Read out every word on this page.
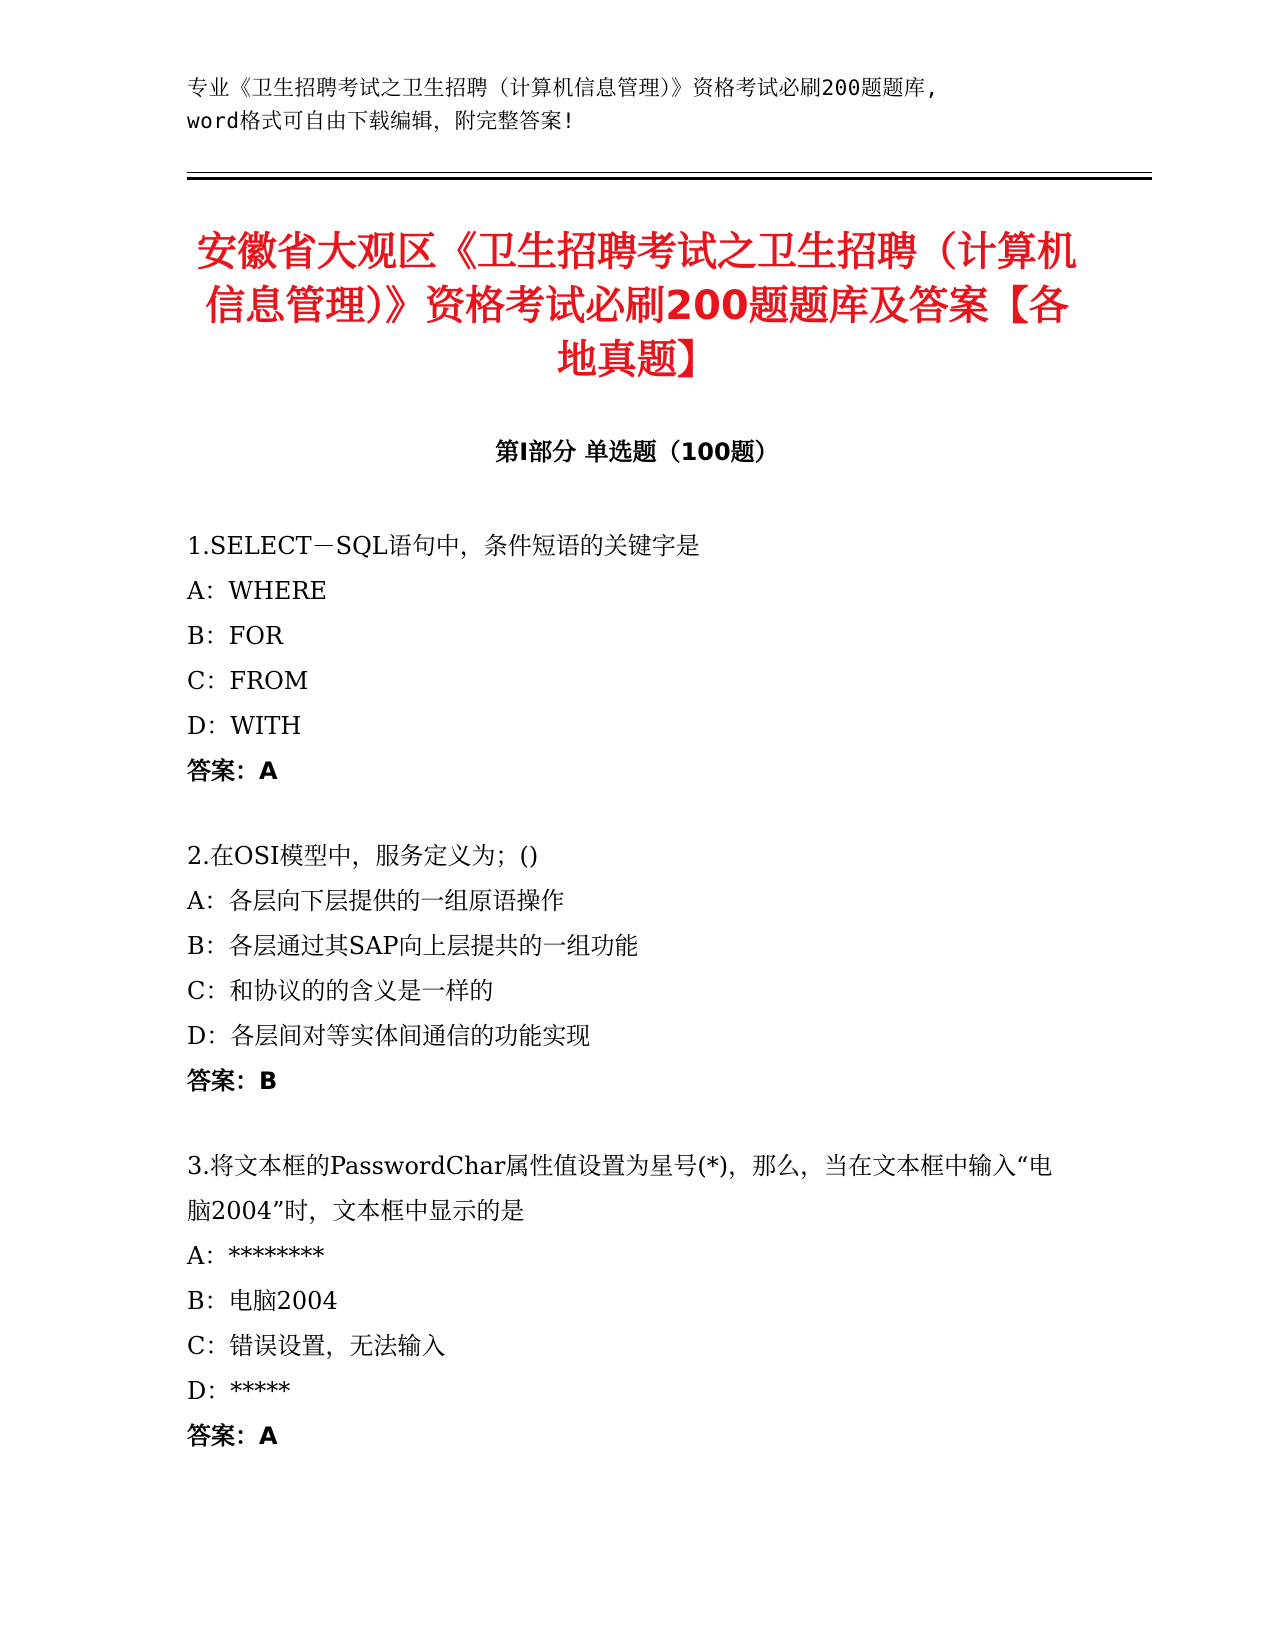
专业《卫生招聘考试之卫生招聘（计算机信息管理）》资格考试必刷200题题库,
word格式可自由下载编辑，附完整答案!
安徽省大观区《卫生招聘考试之卫生招聘（计算机信息管理）》资格考试必刷200题题库及答案【各地真题】
第I部分 单选题（100题）

1.SELECT－SQL语句中，条件短语的关键字是

A：WHERE

B：FOR

C：FROM

D：WITH

答案：A

2.在OSI模型中，服务定义为；()

A：各层向下层提供的一组原语操作

B：各层通过其SAP向上层提共的一组功能

C：和协议的的含义是一样的

D：各层间对等实体间通信的功能实现

答案：B

3.将文本框的PasswordChar属性值设置为星号(*)，那么，当在文本框中输入“电脑2004”时，文本框中显示的是

A：********

B：电脑2004

C：错误设置，无法输入

D：*****

答案：A
